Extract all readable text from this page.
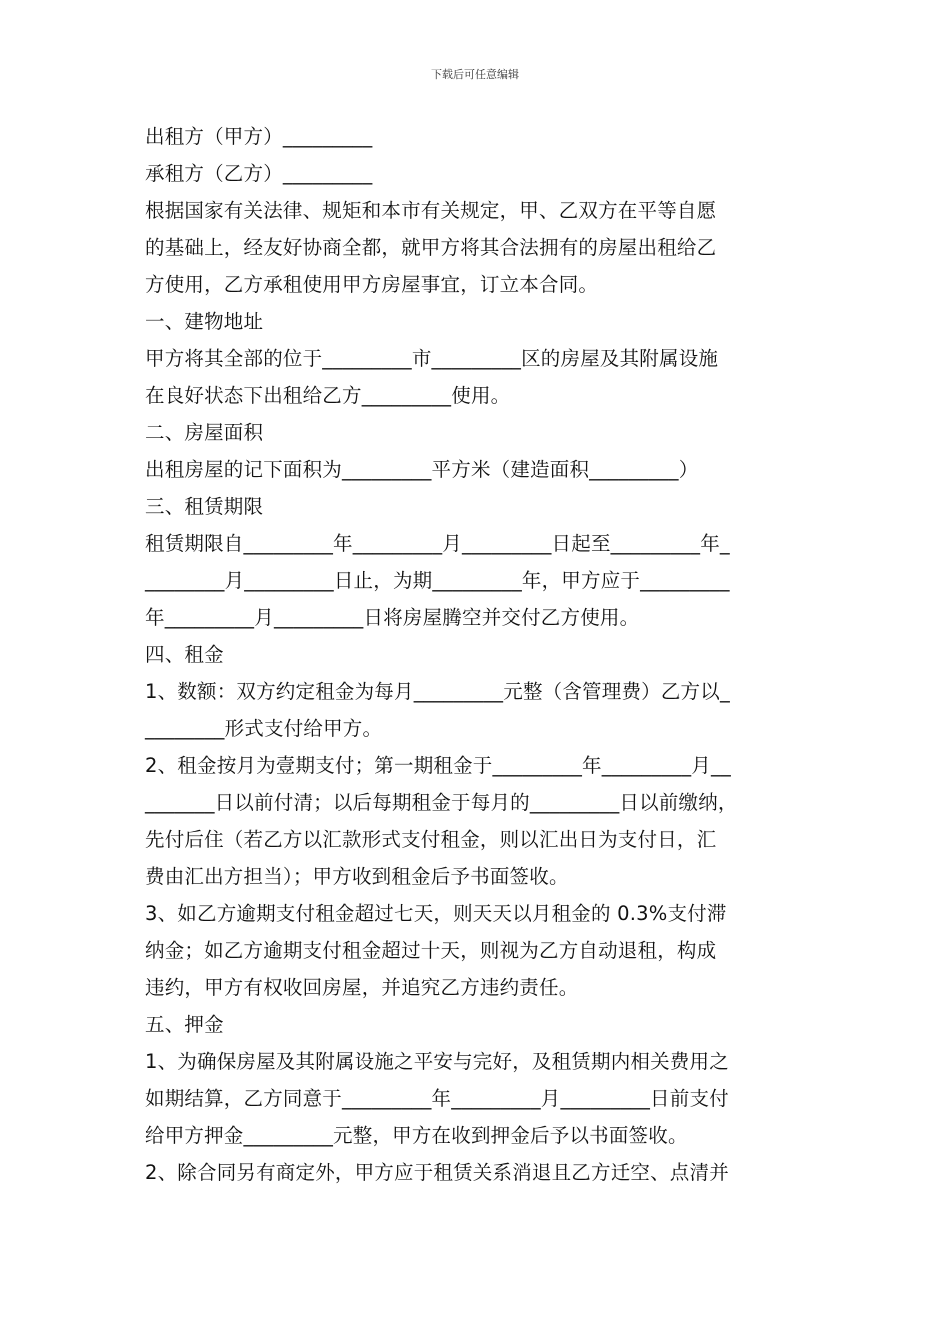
下载后可任意编辑
出租方（甲方）_________
承租方（乙方）_________
根据国家有关法律、规矩和本市有关规定，甲、乙双方在平等自愿
的基础上，经友好协商全都，就甲方将其合法拥有的房屋出租给乙
方使用，乙方承租使用甲方房屋事宜，订立本合同。
一、建物地址
甲方将其全部的位于_________市_________区的房屋及其附属设施
在良好状态下出租给乙方_________使用。
二、房屋面积
出租房屋的记下面积为_________平方米（建造面积_________）
三、租赁期限
租赁期限自_________年_________月_________日起至_________年_
________月_________日止，为期_________年，甲方应于_________
年_________月_________日将房屋腾空并交付乙方使用。
四、租金
1、数额：双方约定租金为每月_________元整（含管理费）乙方以_
________形式支付给甲方。
2、租金按月为壹期支付；第一期租金于_________年_________月__
_______日以前付清；以后每期租金于每月的_________日以前缴纳，
先付后住（若乙方以汇款形式支付租金，则以汇出日为支付日，汇
费由汇出方担当）；甲方收到租金后予书面签收。
3、如乙方逾期支付租金超过七天，则天天以月租金的 0.3%支付滞
纳金；如乙方逾期支付租金超过十天，则视为乙方自动退租，构成
违约，甲方有权收回房屋，并追究乙方违约责任。
五、押金
1、为确保房屋及其附属设施之平安与完好，及租赁期内相关费用之
如期结算，乙方同意于_________年_________月_________日前支付
给甲方押金_________元整，甲方在收到押金后予以书面签收。
2、除合同另有商定外，甲方应于租赁关系消退且乙方迁空、点清并
